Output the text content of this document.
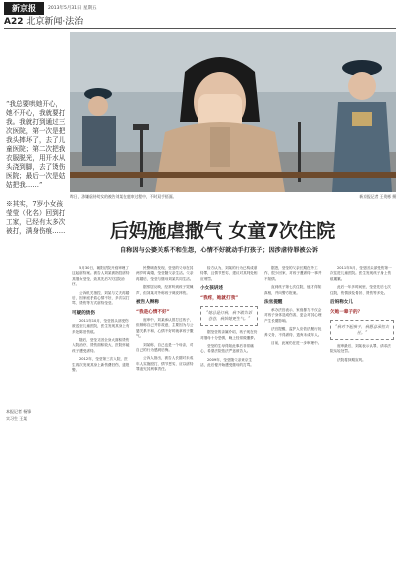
新京报	2013年5月31日 星期五
A22 北京新闻·法治
昨日，涉嫌虐待幼女的被告刘某在庭审过程中，不时双手捂面。	新京报记者 王贵彬 摄
“我总要哄她开心，她不开心，我就要打我。我就打到通过三次医院，第一次是把我头摔坏了，去了儿童医院；第二次把我衣服脱光，用开水从头浇到脚，去了烫伤医院；最后一次是姑姑把我……”
※其实，7岁小女孩莹莹（化名）回到打工家，已经有太多次被打，满身伤痕……
本报记者 杨锋
实习生 王某
后妈施虐撒气 女童7次住院
自称因与公婆关系不和生怨，心情不好就动手打孩子；因涉虐待罪被公诉

5月30日，朝阳法院开庭审理了这起虐待案。被告人刘某被指控虐待其继女莹莹，致其先后7次住院治疗。

公诉机关指控，刘某与丈夫再婚后，因家庭矛盾心情不好，多次以打骂、烫伤等方式虐待莹莹。

可疑的烫伤

2011年10月，莹莹因头部受伤被送至儿童医院，医生发现其身上有多处陈旧伤痕。

随后，莹莹又因全身大面积烫伤入院治疗，烫伤面积较大，医院怀疑孩子遭受虐待。

2012年，莹莹第三次入院，医生再次发现其身上新伤叠旧伤，遂报警。

民警调查发现，莹莹的父母在其两岁时离婚，莹莹随父亲生活。父亲再婚后，莹莹与继母刘某共同生活。

据邻居反映，经常听到孩子哭喊声，但刘某对外称孩子调皮摔伤。

被告人辩称
“我是心情不好”

庭审中，刘某承认曾打过孩子，但辩称自己并非故意，主要因为与公婆关系不和，心情不好时就拿孩子撒气。

刘某称，自己也是一个母亲，对自己的行为感到后悔。

公诉人指出，被告人长期对未成年人实施殴打，情节恶劣，应以虐待罪追究其刑事责任。

检方认为，刘某的行为已构成虐待罪，且情节恶劣，建议对其判处相应刑罚。

小女孩讲述
“我疼，她就打我”
“她总是打我，我不敢告诉爸爸，我怕她更生气。”

据莹莹的亲属介绍，孩子现在仍对继母十分恐惧，晚上经常做噩梦。

莹莹的生母得知此事后非常痛心，希望法院依法严惩被告人。

2009年，莹莹随父亲来京生活，此后便开始遭受继母的打骂。

据悉，莹莹的父亲长期在外工作，很少回家，对孩子遭虐待一事并不知情。

直到孩子第七次住院，他才得知真相，并向警方报案。

法官提醒

承办法官表示，家庭暴力不仅会对孩子身体造成伤害，更会对其心理产生长期影响。

法官提醒，监护人应依法履行抚养义务，不得虐待、遗弃未成年人。

目前，此案仍在进一步审理中。

2011年5月，莹莹因头部受伤第一次住进儿童医院。医生发现孩子身上伤痕累累。

此后一年多时间里，莹莹先后七次住院，伤情涉及骨折、烫伤等多处。

后妈称女儿
欠她一辈子的？
“我对不起孩子，我愿意承担责任。”

庭审最后，刘某表示认罪，请求法院从轻处罚。

法院将择期宣判。
